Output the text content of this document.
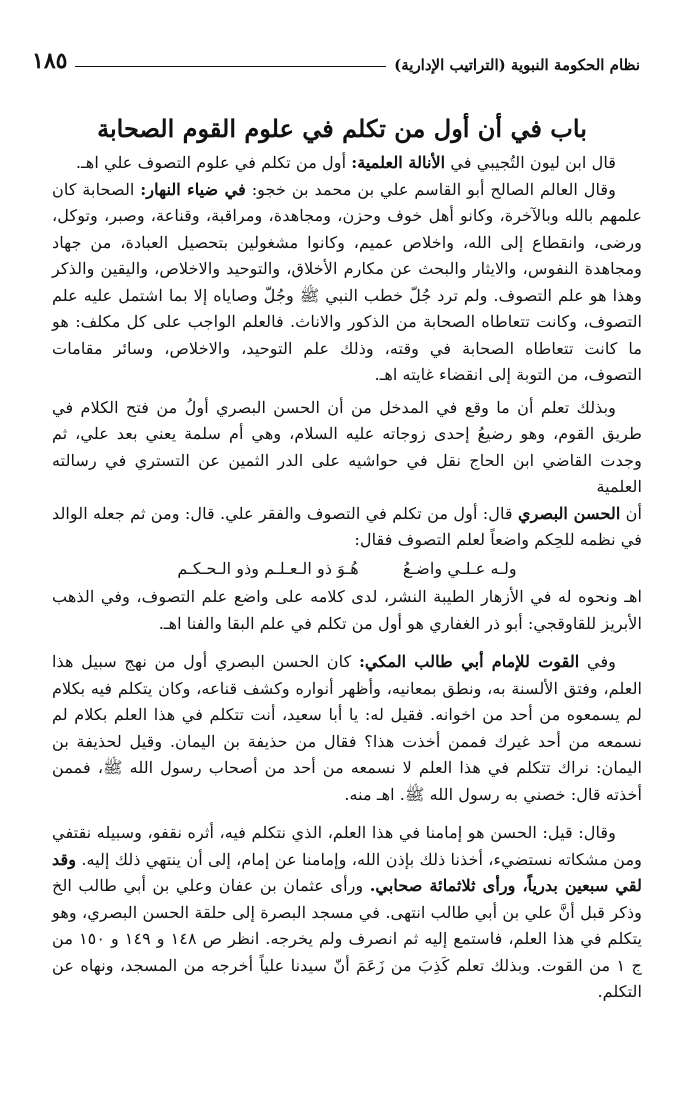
نظام الحكومة النبوية (التراتيب الإدارية)
١٨٥
باب في أن أول من تكلم في علوم القوم الصحابة

قال ابن ليون التُجيبي في الأنالة العلمية: أول من تكلم في علوم التصوف علي اهـ.

وقال العالم الصالح أبو القاسم علي بن محمد بن خجو: في ضياء النهار: الصحابة كان علمهم بالله وبالآخرة، وكانو أهل خوف وحزن، ومجاهدة، ومراقبة، وقناعة، وصبر، وتوكل، ورضى، وانقطاع إلى الله، واخلاص عميم، وكانوا مشغولين بتحصيل العبادة، من جهاد ومجاهدة النفوس، والايثار والبحث عن مكارم الأخلاق، والتوحيد والاخلاص، واليقين والذكر وهذا هو علم التصوف. ولم ترد جُلّ خطب النبي ﷺ وجُلّ وصاياه إلا بما اشتمل عليه علم التصوف، وكانت تتعاطاه الصحابة من الذكور والاناث. فالعلم الواجب على كل مكلف: هو ما كانت تتعاطاه الصحابة في وقته، وذلك علم التوحيد، والاخلاص، وسائر مقامات التصوف، من التوبة إلى انقضاء غايته اهـ.

وبذلك تعلم أن ما وقع في المدخل من أن الحسن البصري أولُ من فتح الكلام في طريق القوم، وهو رضيعُ إحدى زوجاته عليه السلام، وهي أم سلمة يعني بعد علي، ثم وجدت القاضي ابن الحاج نقل في حواشيه على الدر الثمين عن التستري في رسالته العلمية

أن الحسن البصري قال: أول من تكلم في التصوف والفقر علي. قال: ومن ثم جعله الوالد في نظمه للحِكم واضعاً لعلم التصوف فقال:

ولـه عـلـي واضـعُ
هُـوَ ذو الـعـلـم وذو الـحـكـم

اهـ ونحوه له في الأزهار الطيبة النشر، لدى كلامه على واضع علم التصوف، وفي الذهب الأبريز للقاوقجي: أبو ذر الغفاري هو أول من تكلم في علم البقا والفنا اهـ.

وفي القوت للإمام أبي طالب المكي: كان الحسن البصري أول من نهج سبيل هذا العلم، وفتق الألسنة به، ونطق بمعانيه، وأظهر أنواره وكشف قناعه، وكان يتكلم فيه بكلام لم يسمعوه من أحد من اخوانه. فقيل له: يا أبا سعيد، أنت تتكلم في هذا العلم بكلام لم نسمعه من أحد غيرك فممن أخذت هذا؟ فقال من حذيفة بن اليمان. وقيل لحذيفة بن اليمان: نراك تتكلم في هذا العلم لا نسمعه من أحد من أصحاب رسول الله ﷺ، فممن أخذته قال: خصني به رسول الله ﷺ. اهـ منه.

وقال: قيل: الحسن هو إمامنا في هذا العلم، الذي نتكلم فيه، أثره نقفو، وسبيله نقتفي ومن مشكاته نستضيء، أخذنا ذلك بإذن الله، وإمامنا عن إمام، إلى أن ينتهي ذلك إليه. وقد لقي سبعين بدرياً، ورأى ثلاثمائة صحابي. ورأى عثمان بن عفان وعلي بن أبي طالب الخ وذكر قبل أنَّ علي بن أبي طالب انتهى. في مسجد البصرة إلى حلقة الحسن البصري، وهو يتكلم في هذا العلم، فاستمع إليه ثم انصرف ولم يخرجه. انظر ص ١٤٨ و ١٤٩ و ١٥٠ من ج ١ من القوت. وبذلك تعلم كَذِبَ من زَعَمَ أنّ سيدنا علياً أخرجه من المسجد، ونهاه عن التكلم.
